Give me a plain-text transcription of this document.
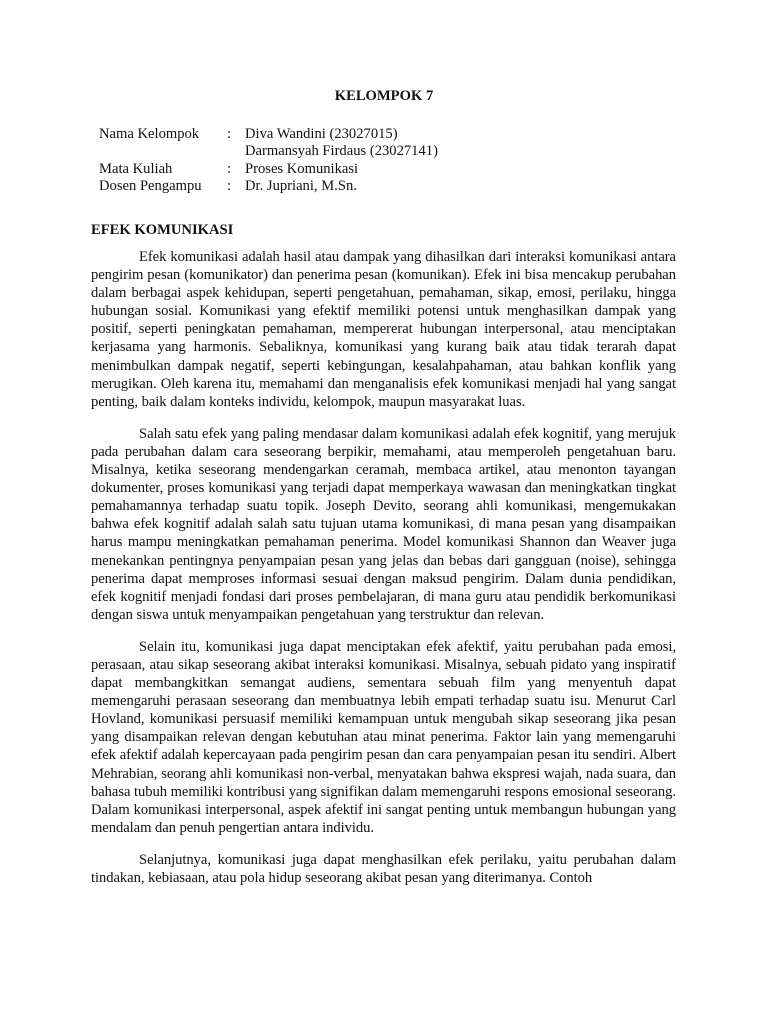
KELOMPOK 7
Nama Kelompok	: Diva Wandini (23027015)
Darmansyah Firdaus (23027141)
Mata Kuliah	: Proses Komunikasi
Dosen Pengampu	: Dr. Jupriani, M.Sn.
EFEK KOMUNIKASI

Efek komunikasi adalah hasil atau dampak yang dihasilkan dari interaksi komunikasi antara pengirim pesan (komunikator) dan penerima pesan (komunikan). Efek ini bisa mencakup perubahan dalam berbagai aspek kehidupan, seperti pengetahuan, pemahaman, sikap, emosi, perilaku, hingga hubungan sosial. Komunikasi yang efektif memiliki potensi untuk menghasilkan dampak yang positif, seperti peningkatan pemahaman, mempererat hubungan interpersonal, atau menciptakan kerjasama yang harmonis. Sebaliknya, komunikasi yang kurang baik atau tidak terarah dapat menimbulkan dampak negatif, seperti kebingungan, kesalahpahaman, atau bahkan konflik yang merugikan. Oleh karena itu, memahami dan menganalisis efek komunikasi menjadi hal yang sangat penting, baik dalam konteks individu, kelompok, maupun masyarakat luas.

Salah satu efek yang paling mendasar dalam komunikasi adalah efek kognitif, yang merujuk pada perubahan dalam cara seseorang berpikir, memahami, atau memperoleh pengetahuan baru. Misalnya, ketika seseorang mendengarkan ceramah, membaca artikel, atau menonton tayangan dokumenter, proses komunikasi yang terjadi dapat memperkaya wawasan dan meningkatkan tingkat pemahamannya terhadap suatu topik. Joseph Devito, seorang ahli komunikasi, mengemukakan bahwa efek kognitif adalah salah satu tujuan utama komunikasi, di mana pesan yang disampaikan harus mampu meningkatkan pemahaman penerima. Model komunikasi Shannon dan Weaver juga menekankan pentingnya penyampaian pesan yang jelas dan bebas dari gangguan (noise), sehingga penerima dapat memproses informasi sesuai dengan maksud pengirim. Dalam dunia pendidikan, efek kognitif menjadi fondasi dari proses pembelajaran, di mana guru atau pendidik berkomunikasi dengan siswa untuk menyampaikan pengetahuan yang terstruktur dan relevan.

Selain itu, komunikasi juga dapat menciptakan efek afektif, yaitu perubahan pada emosi, perasaan, atau sikap seseorang akibat interaksi komunikasi. Misalnya, sebuah pidato yang inspiratif dapat membangkitkan semangat audiens, sementara sebuah film yang menyentuh dapat memengaruhi perasaan seseorang dan membuatnya lebih empati terhadap suatu isu. Menurut Carl Hovland, komunikasi persuasif memiliki kemampuan untuk mengubah sikap seseorang jika pesan yang disampaikan relevan dengan kebutuhan atau minat penerima. Faktor lain yang memengaruhi efek afektif adalah kepercayaan pada pengirim pesan dan cara penyampaian pesan itu sendiri. Albert Mehrabian, seorang ahli komunikasi non-verbal, menyatakan bahwa ekspresi wajah, nada suara, dan bahasa tubuh memiliki kontribusi yang signifikan dalam memengaruhi respons emosional seseorang. Dalam komunikasi interpersonal, aspek afektif ini sangat penting untuk membangun hubungan yang mendalam dan penuh pengertian antara individu.

Selanjutnya, komunikasi juga dapat menghasilkan efek perilaku, yaitu perubahan dalam tindakan, kebiasaan, atau pola hidup seseorang akibat pesan yang diterimanya. Contoh
